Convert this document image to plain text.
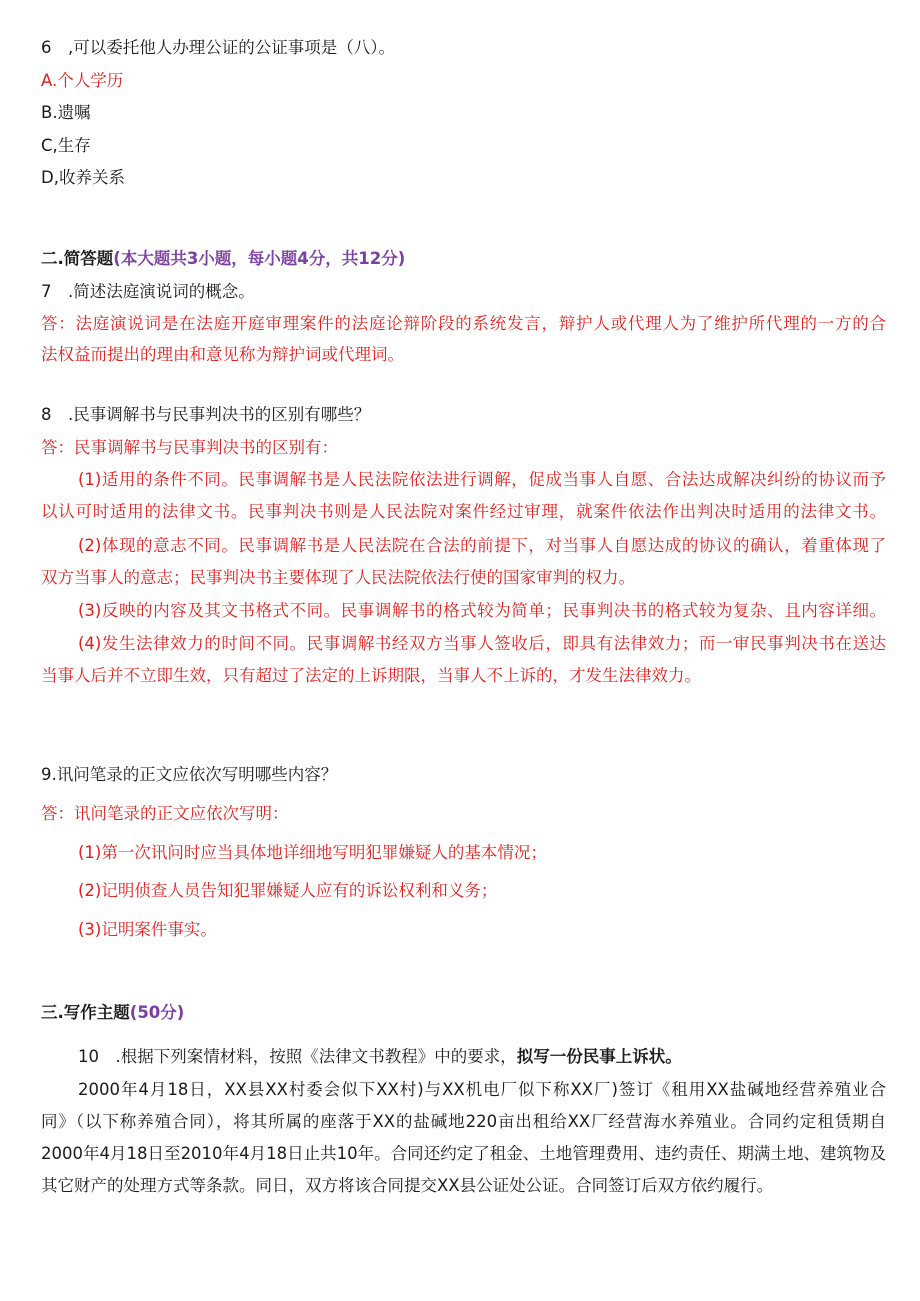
6　,可以委托他人办理公证的公证事项是（八）。
A.个人学历
B.遗嘱
C,生存
D,收养关系
二.简答题(本大题共3小题，每小题4分，共12分)
7　.简述法庭演说词的概念。
答：法庭演说词是在法庭开庭审理案件的法庭论辩阶段的系统发言，辩护人或代理人为了维护所代理的一方的合
法权益而提出的理由和意见称为辩护词或代理词。
8　.民事调解书与民事判决书的区别有哪些？
答：民事调解书与民事判决书的区别有：
(1)适用的条件不同。民事调解书是人民法院依法进行调解，促成当事人自愿、合法达成解决纠纷的协议而予
以认可时适用的法律文书。民事判决书则是人民法院对案件经过审理，就案件依法作出判决时适用的法律文书。
(2)体现的意志不同。民事调解书是人民法院在合法的前提下，对当事人自愿达成的协议的确认，着重体现了
双方当事人的意志；民事判决书主要体现了人民法院依法行使的国家审判的权力。
(3)反映的内容及其文书格式不同。民事调解书的格式较为简单；民事判决书的格式较为复杂、且内容详细。
(4)发生法律效力的时间不同。民事调解书经双方当事人签收后，即具有法律效力；而一审民事判决书在送达
当事人后并不立即生效，只有超过了法定的上诉期限，当事人不上诉的，才发生法律效力。
9.讯问笔录的正文应依次写明哪些内容？
答：讯问笔录的正文应依次写明：
(1)第一次讯问时应当具体地详细地写明犯罪嫌疑人的基本情况；
(2)记明侦查人员告知犯罪嫌疑人应有的诉讼权利和义务；
(3)记明案件事实。
三.写作主题(50分)
10　.根据下列案情材料，按照《法律文书教程》中的要求，拟写一份民事上诉状。
2000年4月18日，XX县XX村委会似下XX村)与XX机电厂似下称XX厂)签订《租用XX盐碱地经营养殖业合
同》（以下称养殖合同），将其所属的座落于XX的盐碱地220亩出租给XX厂经营海水养殖业。合同约定租赁期自
2000年4月18日至2010年4月18日止共10年。合同还约定了租金、土地管理费用、违约责任、期满土地、建筑物及
其它财产的处理方式等条款。同日，双方将该合同提交XX县公证处公证。合同签订后双方依约履行。
